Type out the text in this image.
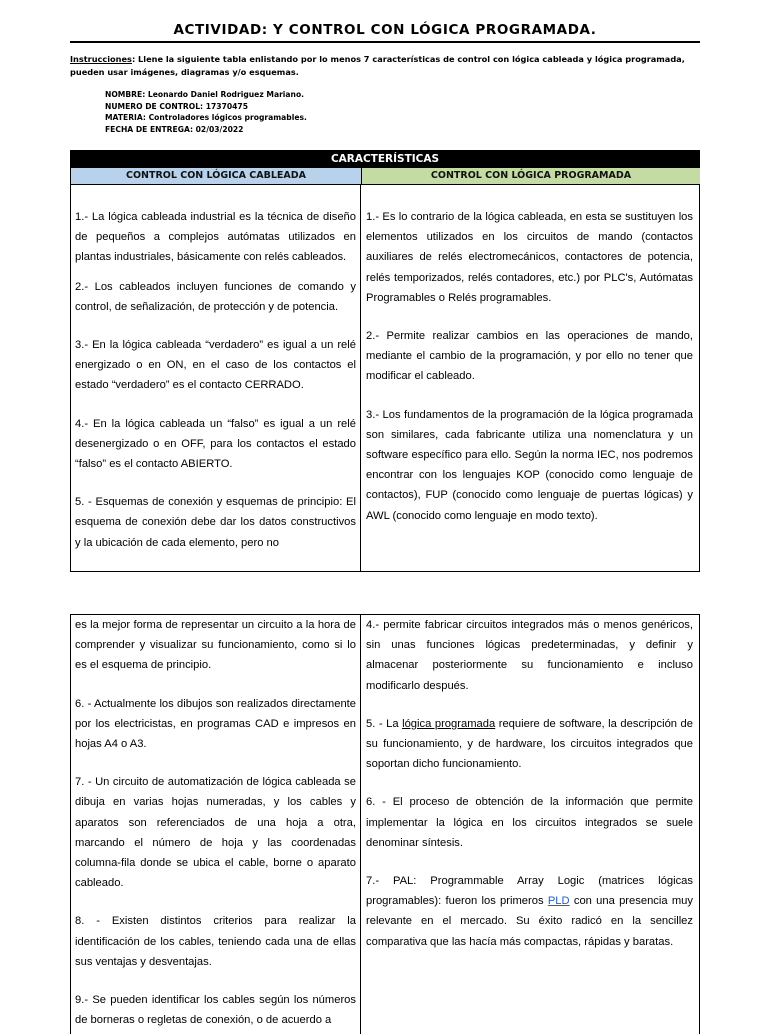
ACTIVIDAD: Y CONTROL CON LÓGICA PROGRAMADA.
Instrucciones: Llene la siguiente tabla enlistando por lo menos 7 características de control con lógica cableada y lógica programada, pueden usar imágenes, diagramas y/o esquemas.
NOMBRE: Leonardo Daniel Rodriguez Mariano.
NUMERO DE CONTROL: 17370475
MATERIA: Controladores lógicos programables.
FECHA DE ENTREGA: 02/03/2022
CARACTERÍSTICAS
CONTROL CON LÓGICA CABLEADA	CONTROL CON LÓGICA PROGRAMADA

1.- La lógica cableada industrial es la técnica de diseño de pequeños a complejos autómatas utilizados en plantas industriales, básicamente con relés cableados.

2.- Los cableados incluyen funciones de comando y control, de señalización, de protección y de potencia.

3.- En la lógica cableada “verdadero” es igual a un relé energizado o en ON, en el caso de los contactos el estado “verdadero” es el contacto CERRADO.

4.- En la lógica cableada un “falso” es igual a un relé desenergizado o en OFF, para los contactos el estado “falso” es el contacto ABIERTO.

5. - Esquemas de conexión y esquemas de principio: El esquema de conexión debe dar los datos constructivos y la ubicación de cada elemento, pero no

1.- Es lo contrario de la lógica cableada, en esta se sustituyen los elementos utilizados en los circuitos de mando (contactos auxiliares de relés electromecánicos, contactores de potencia, relés temporizados, relés contadores, etc.) por PLC's, Autómatas Programables o Relés programables.

2.- Permite realizar cambios en las operaciones de mando, mediante el cambio de la programación, y por ello no tener que modificar el cableado.

3.- Los fundamentos de la programación de la lógica programada son similares, cada fabricante utiliza una nomenclatura y un software específico para ello. Según la norma IEC, nos podremos encontrar con los lenguajes KOP (conocido como lenguaje de contactos), FUP (conocido como lenguaje de puertas lógicas) y AWL (conocido como lenguaje en modo texto).

es la mejor forma de representar un circuito a la hora de comprender y visualizar su funcionamiento, como si lo es el esquema de principio.

6. - Actualmente los dibujos son realizados directamente por los electricistas, en programas CAD e impresos en hojas A4 o A3.

7. - Un circuito de automatización de lógica cableada se dibuja en varias hojas numeradas, y los cables y aparatos son referenciados de una hoja a otra, marcando el número de hoja y las coordenadas columna-fila donde se ubica el cable, borne o aparato cableado.

8. - Existen distintos criterios para realizar la identificación de los cables, teniendo cada una de ellas sus ventajas y desventajas.

9.- Se pueden identificar los cables según los números de borneras o regletas de conexión, o de acuerdo a

4.- permite fabricar circuitos integrados más o menos genéricos, sin unas funciones lógicas predeterminadas, y definir y almacenar posteriormente su funcionamiento e incluso modificarlo después.

5. - La lógica programada requiere de software, la descripción de su funcionamiento, y de hardware, los circuitos integrados que soportan dicho funcionamiento.

6. - El proceso de obtención de la información que permite implementar la lógica en los circuitos integrados se suele denominar síntesis.

7.- PAL: Programmable Array Logic (matrices lógicas programables): fueron los primeros PLD con una presencia muy relevante en el mercado. Su éxito radicó en la sencillez comparativa que las hacía más compactas, rápidas y baratas.
